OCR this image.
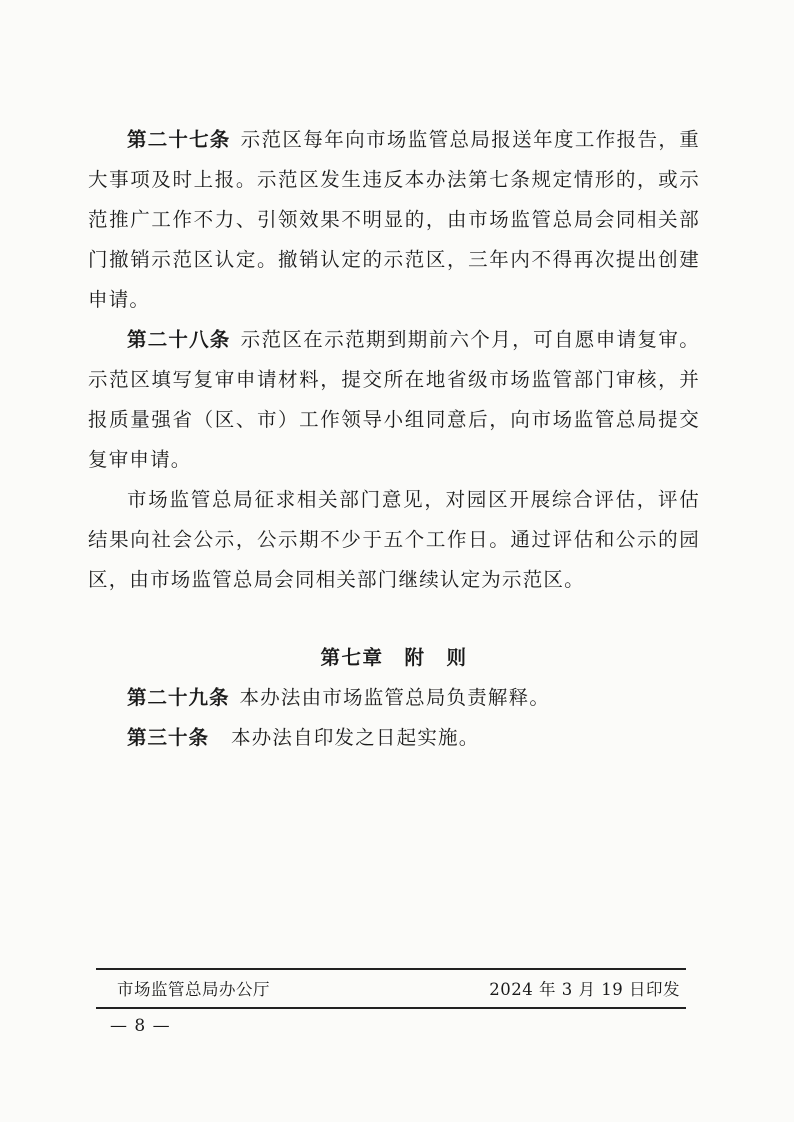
第二十七条 示范区每年向市场监管总局报送年度工作报告，重大事项及时上报。示范区发生违反本办法第七条规定情形的，或示范推广工作不力、引领效果不明显的，由市场监管总局会同相关部门撤销示范区认定。撤销认定的示范区，三年内不得再次提出创建申请。

第二十八条 示范区在示范期到期前六个月，可自愿申请复审。示范区填写复审申请材料，提交所在地省级市场监管部门审核，并报质量强省（区、市）工作领导小组同意后，向市场监管总局提交复审申请。

市场监管总局征求相关部门意见，对园区开展综合评估，评估结果向社会公示，公示期不少于五个工作日。通过评估和公示的园区，由市场监管总局会同相关部门继续认定为示范区。

第七章　附　则

第二十九条 本办法由市场监管总局负责解释。

第三十条 本办法自印发之日起实施。

市场监管总局办公厅	2024 年 3 月 19 日印发
— 8 —
